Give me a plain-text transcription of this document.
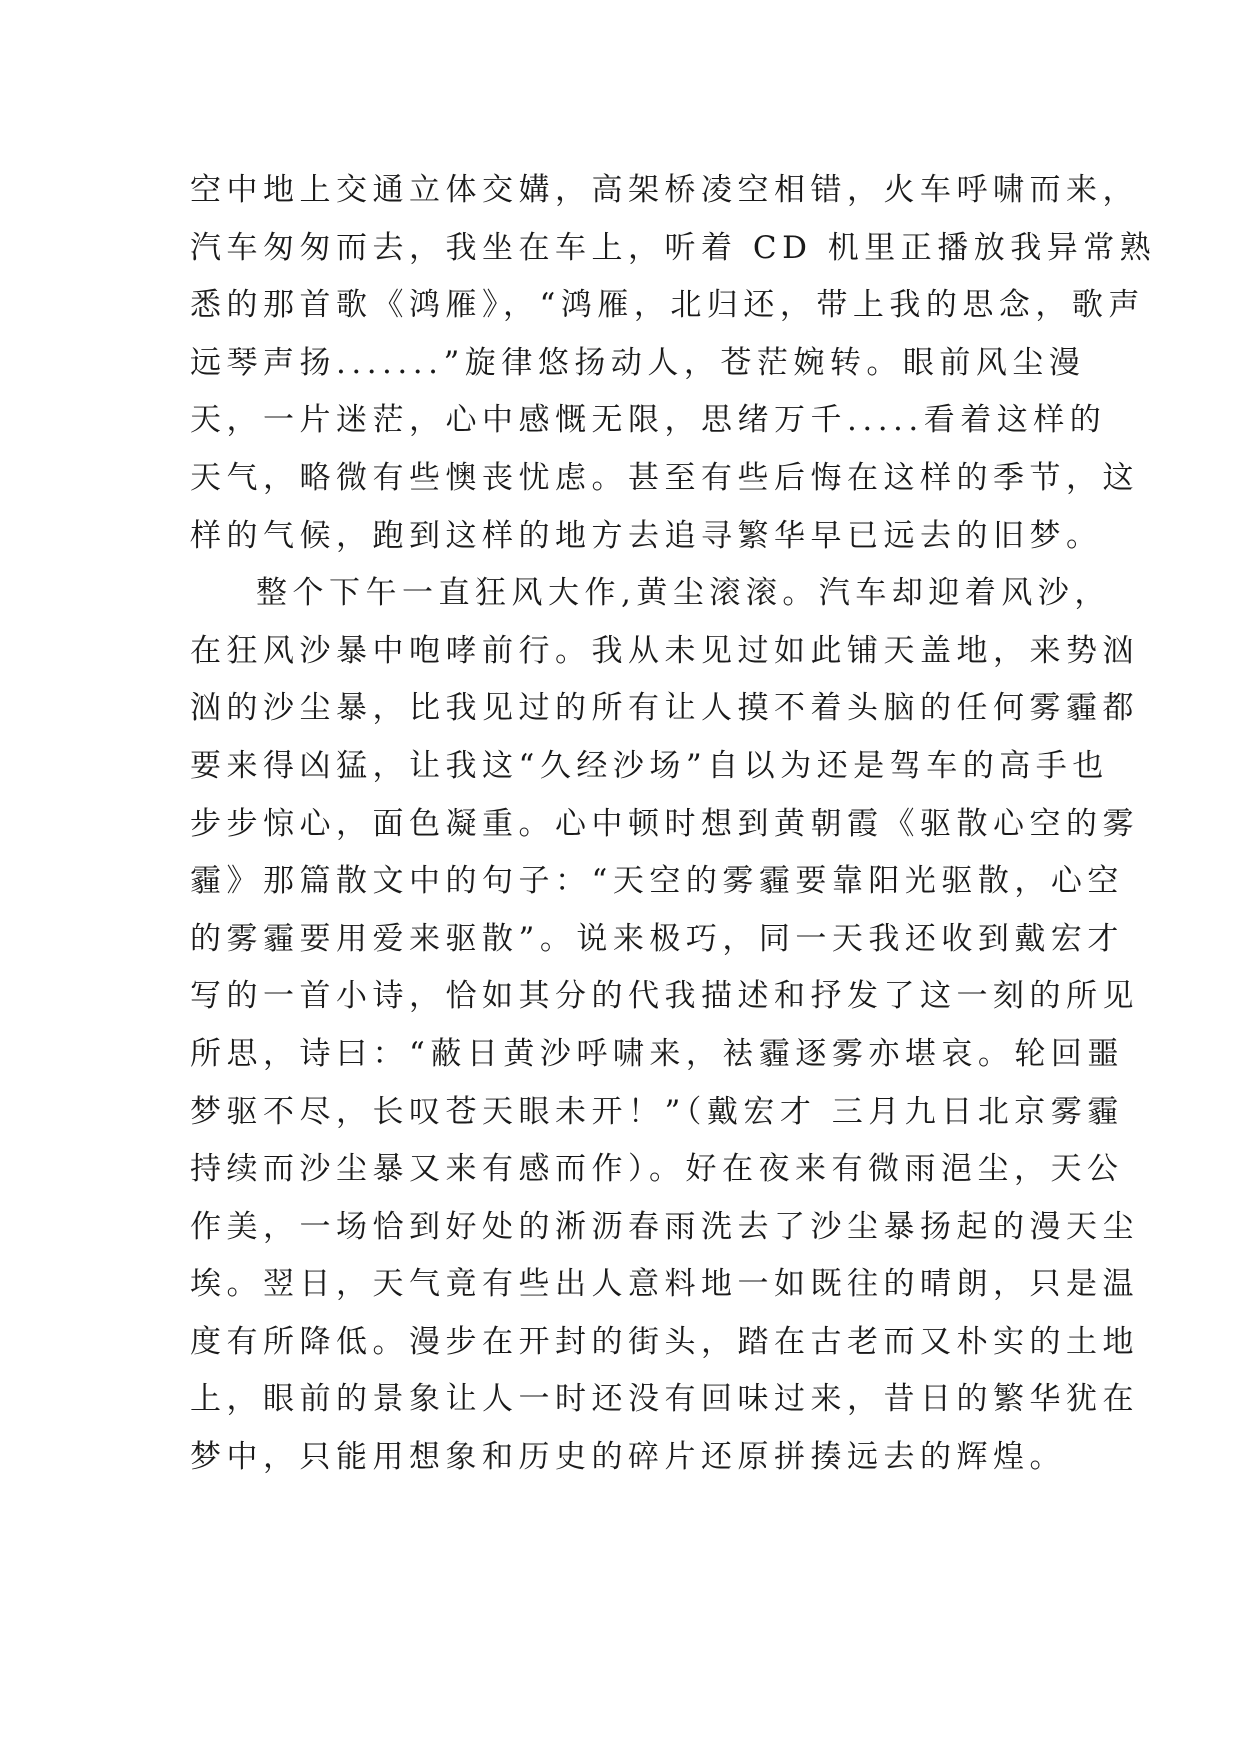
空中地上交通立体交媾，高架桥凌空相错，火车呼啸而来，
汽车匆匆而去，我坐在车上，听着 CD 机里正播放我异常熟
悉的那首歌《鸿雁》，“鸿雁，北归还，带上我的思念，歌声
远琴声扬.......”旋律悠扬动人，苍茫婉转。眼前风尘漫
天，一片迷茫，心中感慨无限，思绪万千.....看着这样的
天气，略微有些懊丧忧虑。甚至有些后悔在这样的季节，这
样的气候，跑到这样的地方去追寻繁华早已远去的旧梦。
整个下午一直狂风大作,黄尘滚滚。汽车却迎着风沙，
在狂风沙暴中咆哮前行。我从未见过如此铺天盖地，来势汹
汹的沙尘暴，比我见过的所有让人摸不着头脑的任何雾霾都
要来得凶猛，让我这“久经沙场”自以为还是驾车的高手也
步步惊心，面色凝重。心中顿时想到黄朝霞《驱散心空的雾
霾》那篇散文中的句子：“天空的雾霾要靠阳光驱散，心空
的雾霾要用爱来驱散”。说来极巧，同一天我还收到戴宏才
写的一首小诗，恰如其分的代我描述和抒发了这一刻的所见
所思，诗曰：“蔽日黄沙呼啸来，袪霾逐雾亦堪哀。轮回噩
梦驱不尽，长叹苍天眼未开！”（戴宏才 三月九日北京雾霾
持续而沙尘暴又来有感而作）。好在夜来有微雨浥尘，天公
作美，一场恰到好处的淅沥春雨洗去了沙尘暴扬起的漫天尘
埃。翌日，天气竟有些出人意料地一如既往的晴朗，只是温
度有所降低。漫步在开封的街头，踏在古老而又朴实的土地
上，眼前的景象让人一时还没有回味过来，昔日的繁华犹在
梦中，只能用想象和历史的碎片还原拼揍远去的辉煌。
